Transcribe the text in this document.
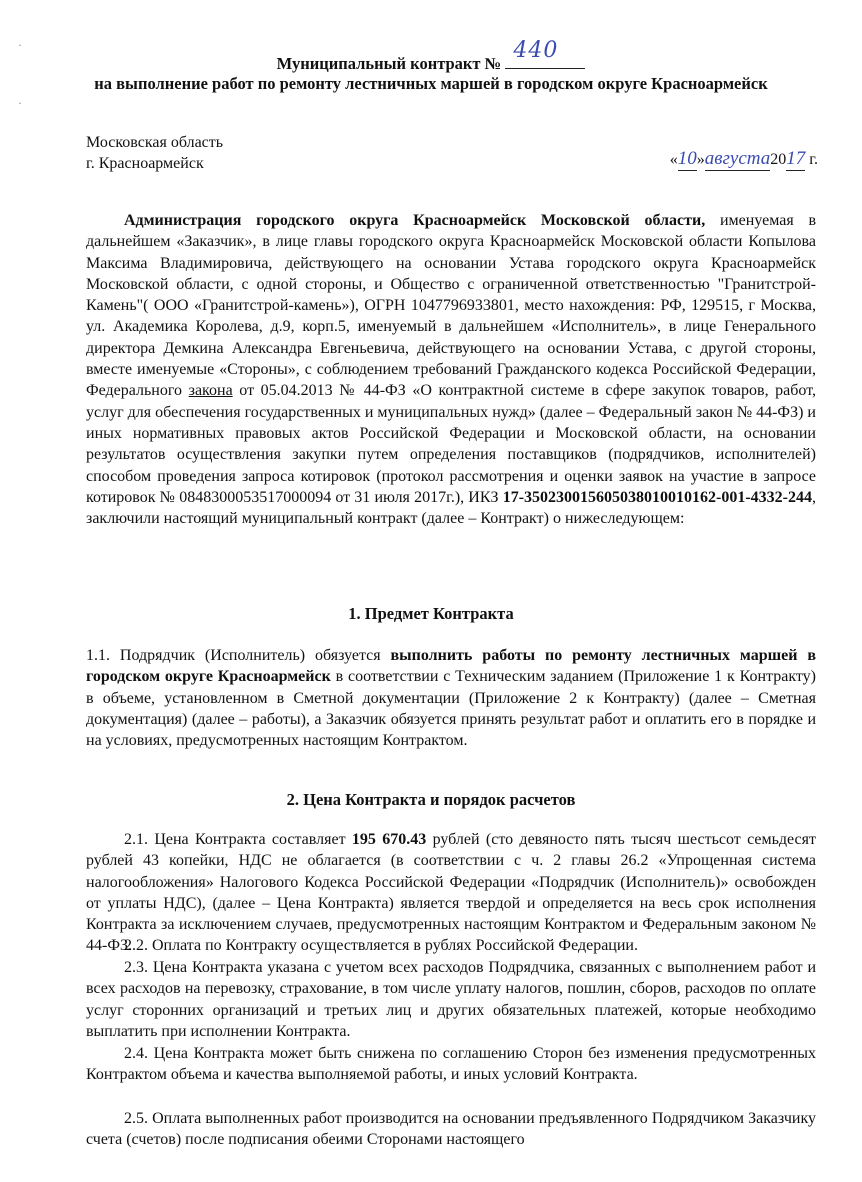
·
·
Муниципальный контракт №
440
на выполнение работ по ремонту лестничных маршей в городском округе Красноармейск
Московская область
г. Красноармейск	«10»августа2017 г.

Администрация городского округа Красноармейск Московской области, именуемая в дальнейшем «Заказчик», в лице главы городского округа Красноармейск Московской области Копылова Максима Владимировича, действующего на основании Устава городского округа Красноармейск Московской области, с одной стороны, и Общество с ограниченной ответственностью "Гранитстрой-Камень"( ООО «Гранитстрой-камень»), ОГРН 1047796933801, место нахождения: РФ, 129515, г Москва, ул. Академика Королева, д.9, корп.5, именуемый в дальнейшем «Исполнитель», в лице Генерального директора Демкина Александра Евгеньевича, действующего на основании Устава, с другой стороны, вместе именуемые «Стороны», с соблюдением требований Гражданского кодекса Российской Федерации, Федерального закона от 05.04.2013 № 44-ФЗ «О контрактной системе в сфере закупок товаров, работ, услуг для обеспечения государственных и муниципальных нужд» (далее – Федеральный закон № 44-ФЗ) и иных нормативных правовых актов Российской Федерации и Московской области, на основании результатов осуществления закупки путем определения поставщиков (подрядчиков, исполнителей) способом проведения запроса котировок (протокол рассмотрения и оценки заявок на участие в запросе котировок № 0848300053517000094 от 31 июля 2017г.), ИКЗ 17-350230015605038010010162-001-4332-244, заключили настоящий муниципальный контракт (далее – Контракт) о нижеследующем:

1. Предмет Контракта

1.1. Подрядчик (Исполнитель) обязуется выполнить работы по ремонту лестничных маршей в городском округе Красноармейск в соответствии с Техническим заданием (Приложение 1 к Контракту) в объеме, установленном в Сметной документации (Приложение 2 к Контракту) (далее – Сметная документация) (далее – работы), а Заказчик обязуется принять результат работ и оплатить его в порядке и на условиях, предусмотренных настоящим Контрактом.

2. Цена Контракта и порядок расчетов

2.1. Цена Контракта составляет 195 670.43 рублей (сто девяносто пять тысяч шестьсот семьдесят рублей 43 копейки, НДС не облагается (в соответствии с ч. 2 главы 26.2 «Упрощенная система налогообложения» Налогового Кодекса Российской Федерации «Подрядчик (Исполнитель)» освобожден от уплаты НДС), (далее – Цена Контракта) является твердой и определяется на весь срок исполнения Контракта за исключением случаев, предусмотренных настоящим Контрактом и Федеральным законом № 44-ФЗ.

2.2. Оплата по Контракту осуществляется в рублях Российской Федерации.

2.3. Цена Контракта указана с учетом всех расходов Подрядчика, связанных с выполнением работ и всех расходов на перевозку, страхование, в том числе уплату налогов, пошлин, сборов, расходов по оплате услуг сторонних организаций и третьих лиц и других обязательных платежей, которые необходимо выплатить при исполнении Контракта.

2.4. Цена Контракта может быть снижена по соглашению Сторон без изменения предусмотренных Контрактом объема и качества выполняемой работы, и иных условий Контракта.

2.5. Оплата выполненных работ производится на основании предъявленного Подрядчиком Заказчику счета (счетов) после подписания обеими Сторонами настоящего
